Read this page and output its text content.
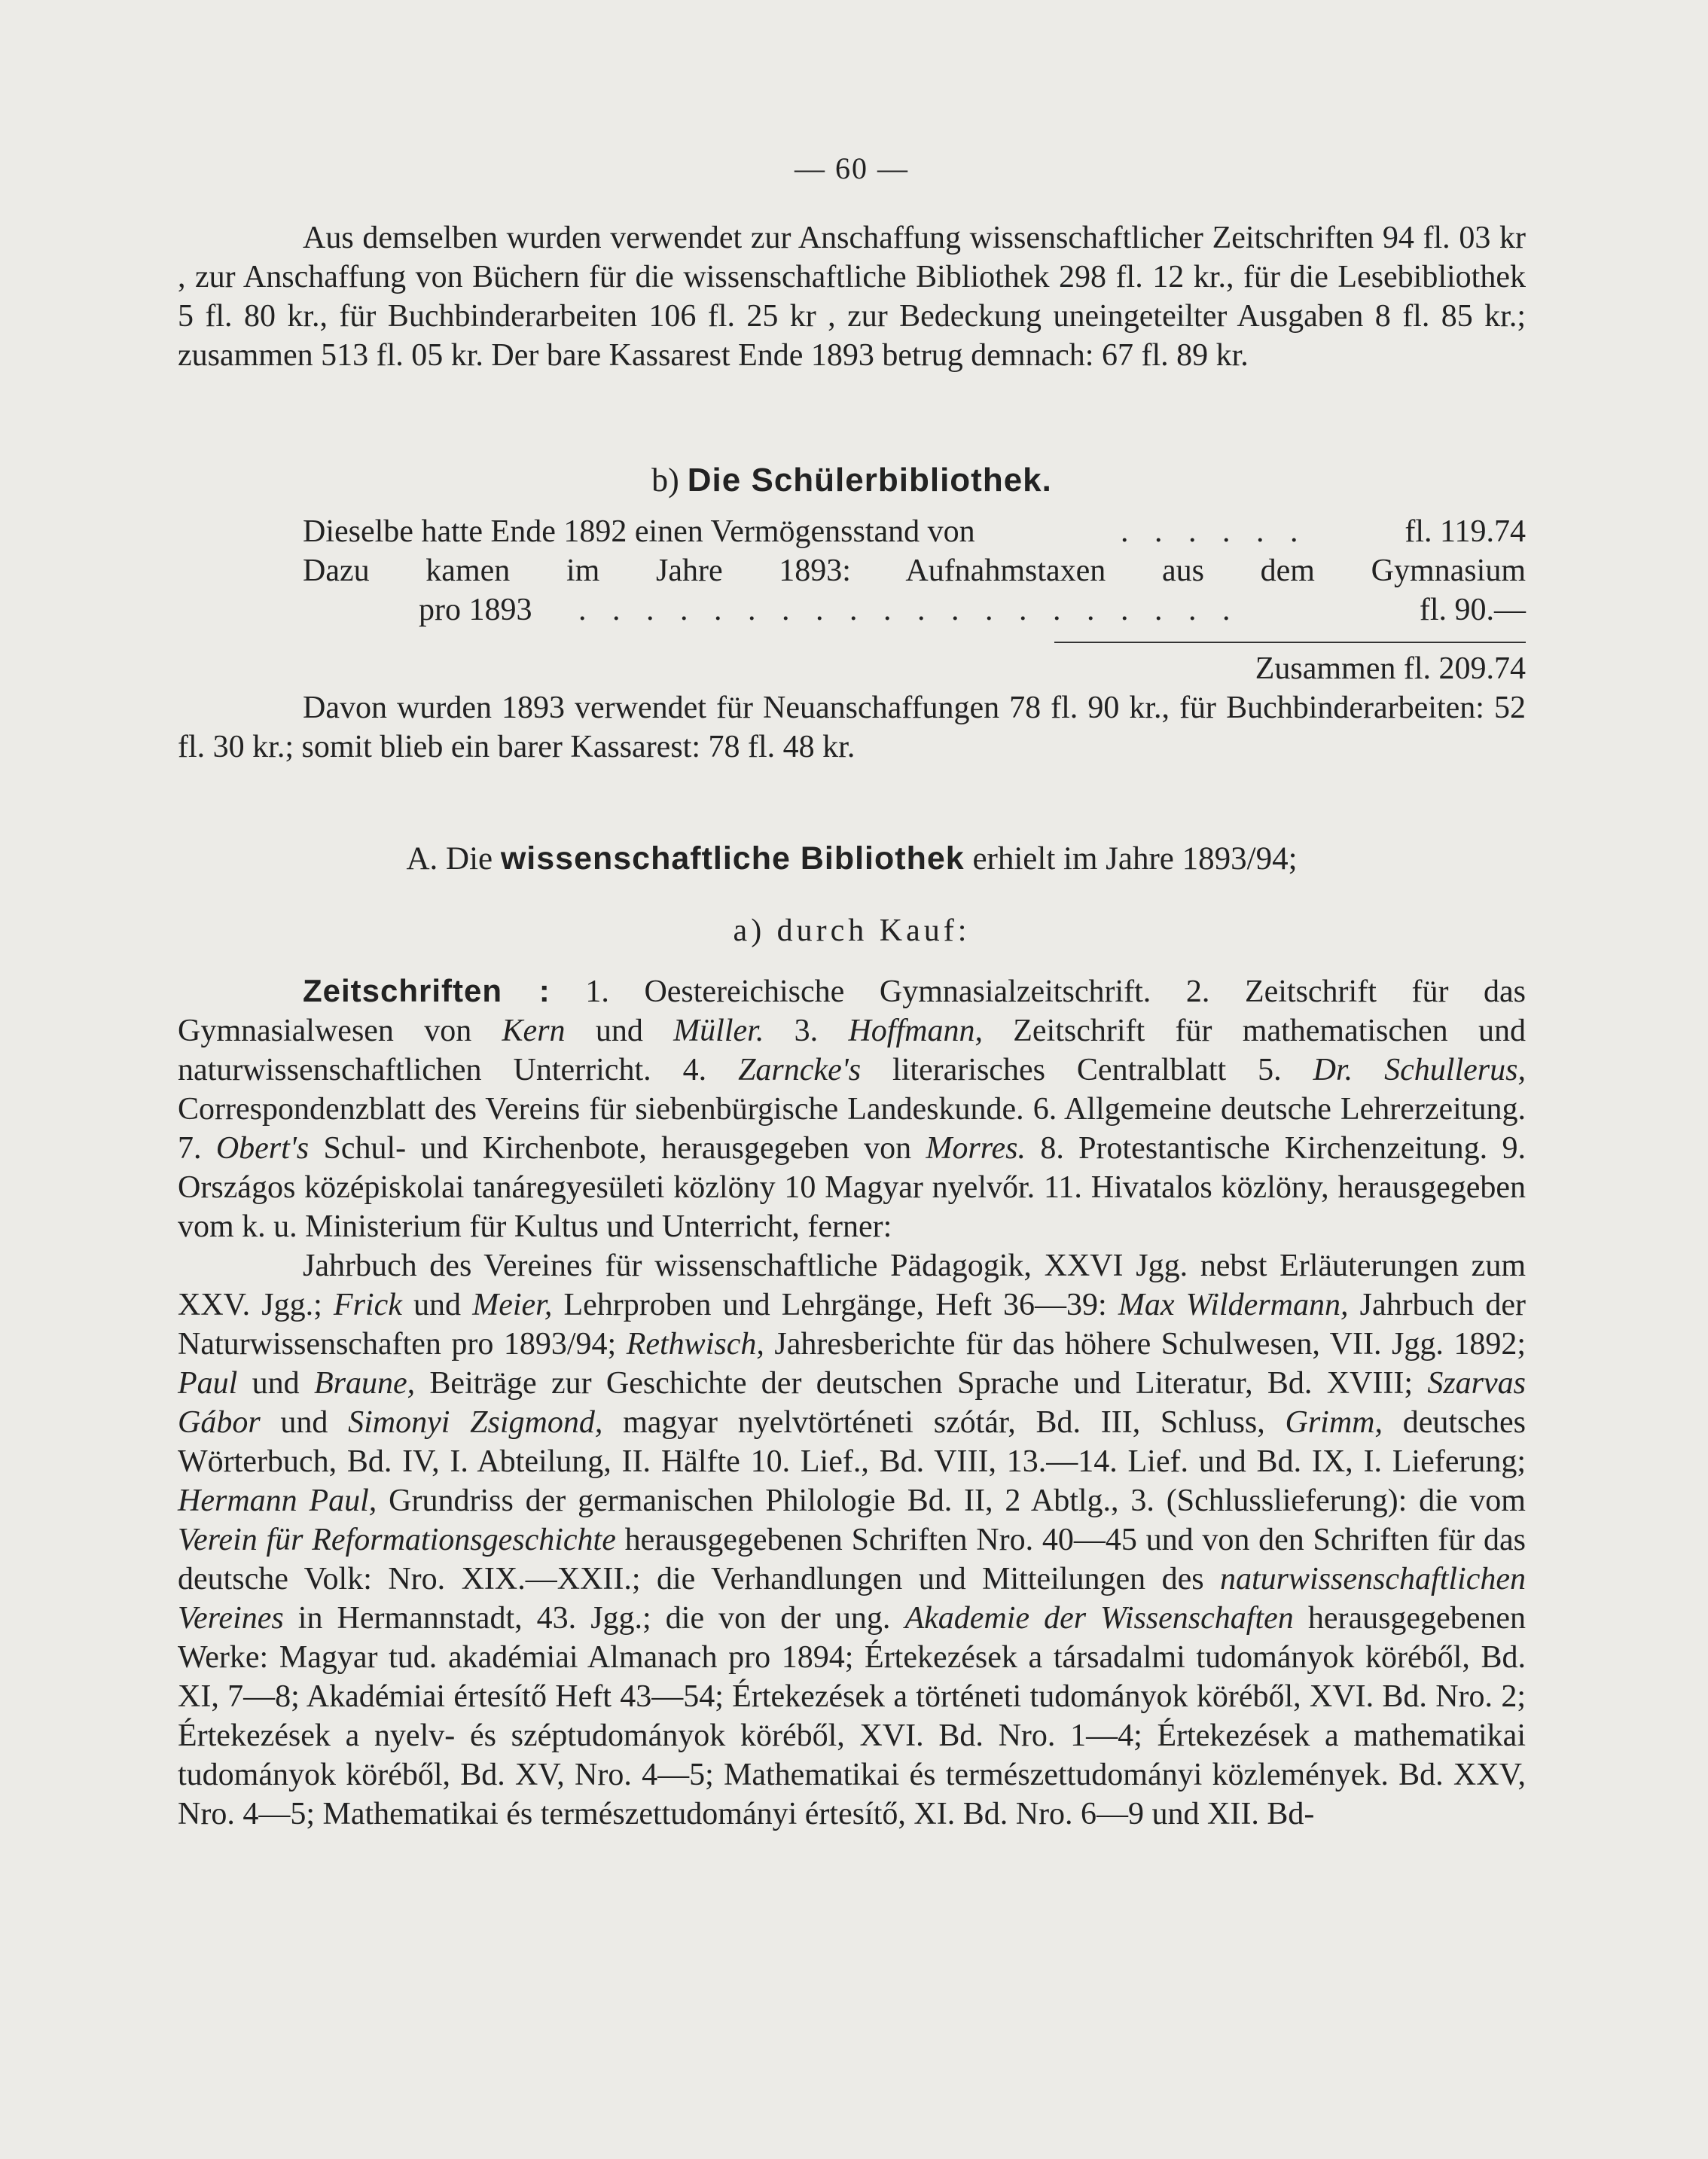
— 60 —

Aus demselben wurden verwendet zur Anschaffung wissenschaftlicher Zeitschriften 94 fl. 03 kr , zur Anschaffung von Büchern für die wissenschaftliche Bibliothek 298 fl. 12 kr., für die Lesebibliothek 5 fl. 80 kr., für Buchbinderarbeiten 106 fl. 25 kr , zur Bedeckung uneingeteilter Ausgaben 8 fl. 85 kr.; zusammen 513 fl. 05 kr. Der bare Kassarest Ende 1893 betrug demnach: 67 fl. 89 kr.

b) Die Schülerbibliothek.
Dieselbe hatte Ende 1892 einen Vermögensstand von	. . . . . .	fl. 119.74
Dazu kamen im Jahre 1893: Aufnahmstaxen aus dem Gymnasium
pro 1893 . . . . . . . . . . . . . . . . . . . .	fl. 90.—
Zusammen fl. 209.74

Davon wurden 1893 verwendet für Neuanschaffungen 78 fl. 90 kr., für Buchbinderarbeiten: 52 fl. 30 kr.; somit blieb ein barer Kassarest: 78 fl. 48 kr.

A. Die wissenschaftliche Bibliothek erhielt im Jahre 1893/94;
a) durch Kauf:

Zeitschriften : 1. Oestereichische Gymnasialzeitschrift. 2. Zeitschrift für das Gymnasialwesen von Kern und Müller. 3. Hoffmann, Zeitschrift für mathematischen und naturwissenschaftlichen Unterricht. 4. Zarncke's literarisches Centralblatt 5. Dr. Schullerus, Correspondenzblatt des Vereins für siebenbürgische Landeskunde. 6. Allgemeine deutsche Lehrerzeitung. 7. Obert's Schul- und Kirchenbote, herausgegeben von Morres. 8. Protestantische Kirchenzeitung. 9. Országos középiskolai tanáregyesületi közlöny 10 Magyar nyelvőr. 11. Hivatalos közlöny, herausgegeben vom k. u. Ministerium für Kultus und Unterricht, ferner:

Jahrbuch des Vereines für wissenschaftliche Pädagogik, XXVI Jgg. nebst Erläuterungen zum XXV. Jgg.; Frick und Meier, Lehrproben und Lehrgänge, Heft 36—39: Max Wildermann, Jahrbuch der Naturwissenschaften pro 1893/94; Rethwisch, Jahresberichte für das höhere Schulwesen, VII. Jgg. 1892; Paul und Braune, Beiträge zur Geschichte der deutschen Sprache und Literatur, Bd. XVIII; Szarvas Gábor und Simonyi Zsigmond, magyar nyelvtörténeti szótár, Bd. III, Schluss, Grimm, deutsches Wörterbuch, Bd. IV, I. Abteilung, II. Hälfte 10. Lief., Bd. VIII, 13.—14. Lief. und Bd. IX, I. Lieferung; Hermann Paul, Grundriss der germanischen Philologie Bd. II, 2 Abtlg., 3. (Schlusslieferung): die vom Verein für Reformationsgeschichte herausgegebenen Schriften Nro. 40—45 und von den Schriften für das deutsche Volk: Nro. XIX.—XXII.; die Verhandlungen und Mitteilungen des naturwissenschaftlichen Vereines in Hermannstadt, 43. Jgg.; die von der ung. Akademie der Wissenschaften herausgegebenen Werke: Magyar tud. akadémiai Almanach pro 1894; Értekezések a társadalmi tudományok köréből, Bd. XI, 7—8; Akadémiai értesítő Heft 43—54; Értekezések a történeti tudományok köréből, XVI. Bd. Nro. 2; Értekezések a nyelv- és széptudományok köréből, XVI. Bd. Nro. 1—4; Értekezések a mathematikai tudományok köréből, Bd. XV, Nro. 4—5; Mathematikai és természettudományi közlemények. Bd. XXV, Nro. 4—5; Mathematikai és természettudományi értesítő, XI. Bd. Nro. 6—9 und XII. Bd-
